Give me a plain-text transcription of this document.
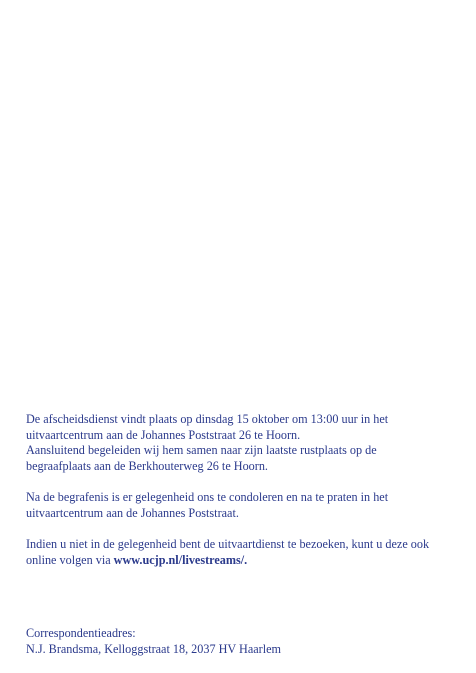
De afscheidsdienst vindt plaats op dinsdag 15 oktober om 13:00 uur in het

uitvaartcentrum aan de Johannes Poststraat 26 te Hoorn.

Aansluitend begeleiden wij hem samen naar zijn laatste rustplaats op de

begraafplaats aan de Berkhouterweg 26 te Hoorn.

Na de begrafenis is er gelegenheid ons te condoleren en na te praten in het

uitvaartcentrum aan de Johannes Poststraat.

Indien u niet in de gelegenheid bent de uitvaartdienst te bezoeken, kunt u deze ook

online volgen via www.ucjp.nl/livestreams/.

Correspondentieadres:

N.J. Brandsma, Kelloggstraat 18, 2037 HV Haarlem
